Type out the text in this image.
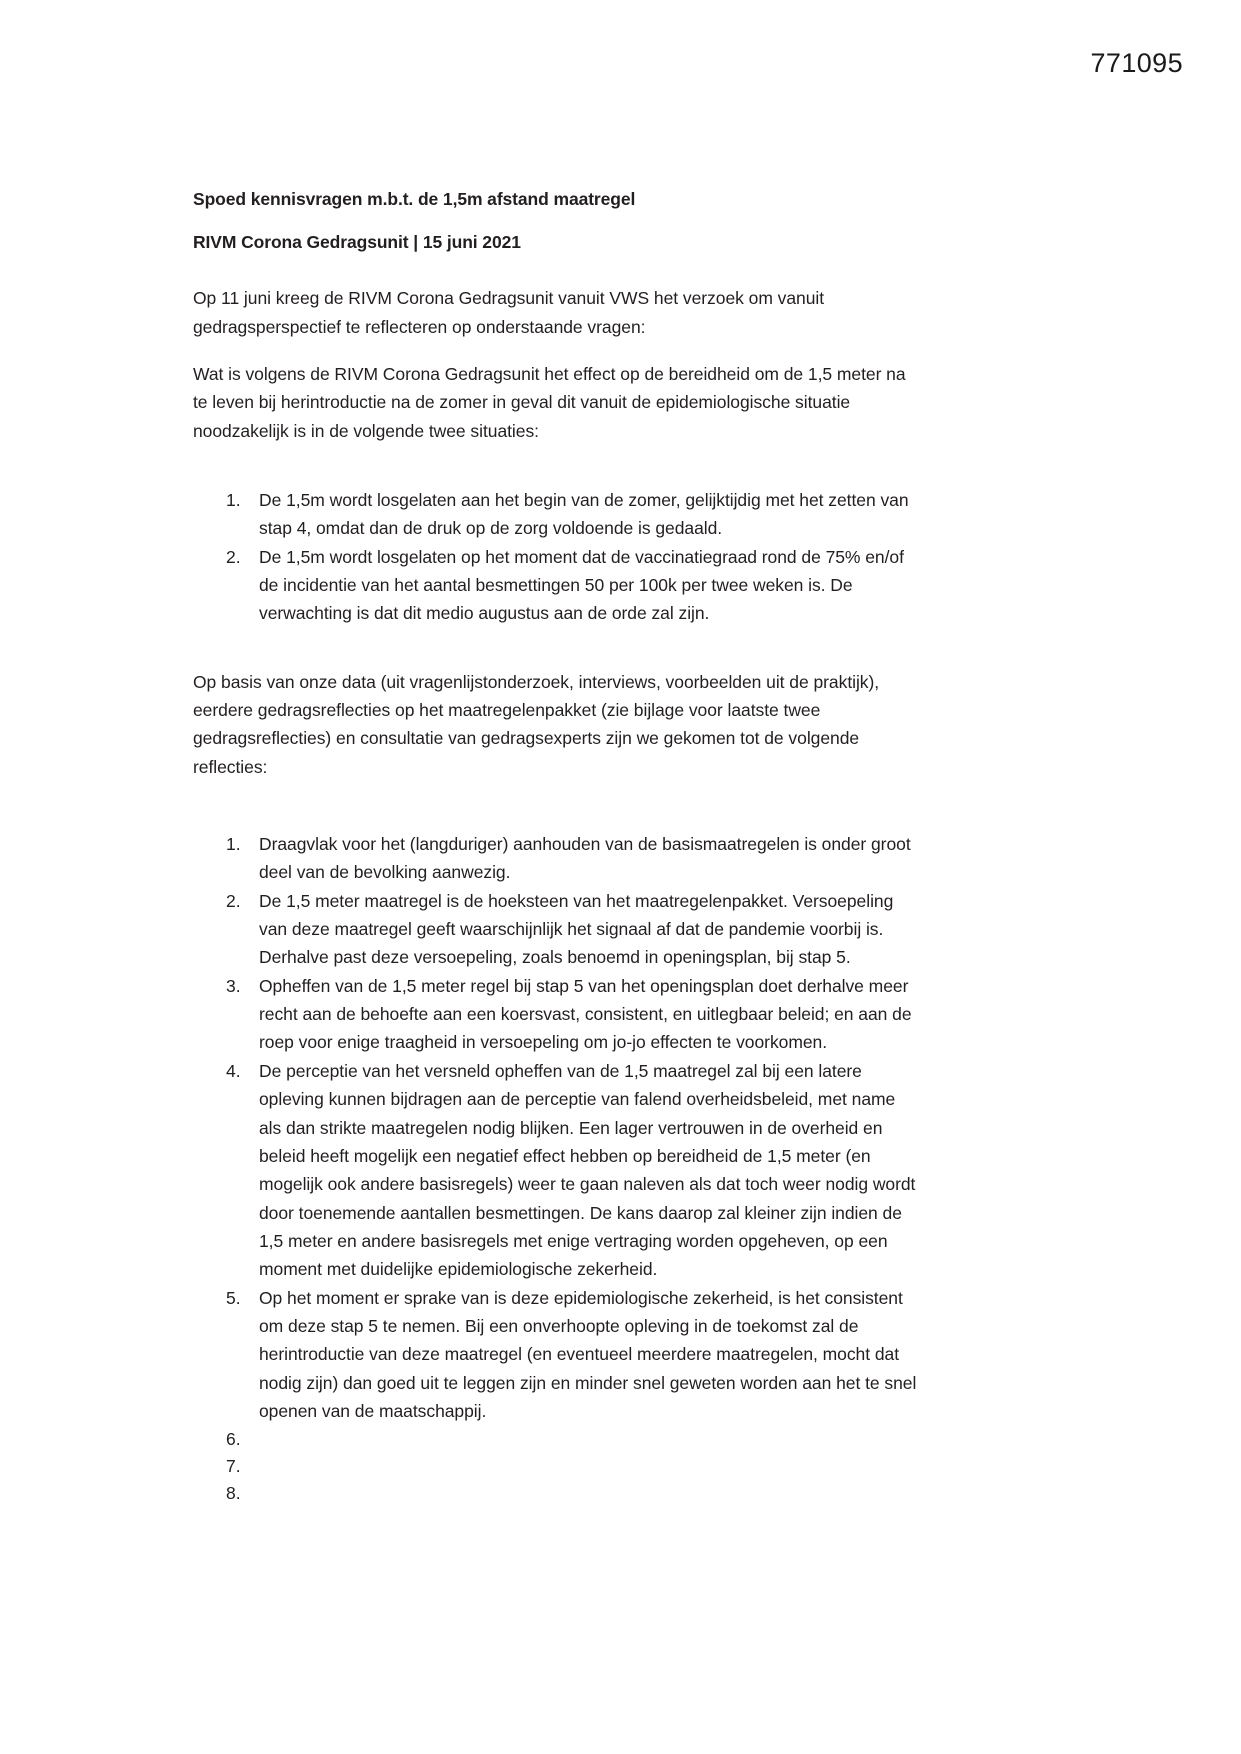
771095
Spoed kennisvragen m.b.t. de 1,5m afstand maatregel
RIVM Corona Gedragsunit | 15 juni 2021

Op 11 juni kreeg de RIVM Corona Gedragsunit vanuit VWS het verzoek om vanuit gedragsperspectief te reflecteren op onderstaande vragen:

Wat is volgens de RIVM Corona Gedragsunit het effect op de bereidheid om de 1,5 meter na te leven bij herintroductie na de zomer in geval dit vanuit de epidemiologische situatie noodzakelijk is in de volgende twee situaties:

De 1,5m wordt losgelaten aan het begin van de zomer, gelijktijdig met het zetten van stap 4, omdat dan de druk op de zorg voldoende is gedaald.
De 1,5m wordt losgelaten op het moment dat de vaccinatiegraad rond de 75% en/of de incidentie van het aantal besmettingen 50 per 100k per twee weken is. De verwachting is dat dit medio augustus aan de orde zal zijn.

Op basis van onze data (uit vragenlijstonderzoek, interviews, voorbeelden uit de praktijk), eerdere gedragsreflecties op het maatregelenpakket (zie bijlage voor laatste twee gedragsreflecties) en consultatie van gedragsexperts zijn we gekomen tot de volgende reflecties:

Draagvlak voor het (langduriger) aanhouden van de basismaatregelen is onder groot deel van de bevolking aanwezig.
De 1,5 meter maatregel is de hoeksteen van het maatregelenpakket. Versoepeling van deze maatregel geeft waarschijnlijk het signaal af dat de pandemie voorbij is. Derhalve past deze versoepeling, zoals benoemd in openingsplan, bij stap 5.
Opheffen van de 1,5 meter regel bij stap 5 van het openingsplan doet derhalve meer recht aan de behoefte aan een koersvast, consistent, en uitlegbaar beleid; en aan de roep voor enige traagheid in versoepeling om jo-jo effecten te voorkomen.
De perceptie van het versneld opheffen van de 1,5 maatregel zal bij een latere opleving kunnen bijdragen aan de perceptie van falend overheidsbeleid, met name als dan strikte maatregelen nodig blijken. Een lager vertrouwen in de overheid en beleid heeft mogelijk een negatief effect hebben op bereidheid de 1,5 meter (en mogelijk ook andere basisregels) weer te gaan naleven als dat toch weer nodig wordt door toenemende aantallen besmettingen. De kans daarop zal kleiner zijn indien de 1,5 meter en andere basisregels met enige vertraging worden opgeheven, op een moment met duidelijke epidemiologische zekerheid.
Op het moment er sprake van is deze epidemiologische zekerheid, is het consistent om deze stap 5 te nemen. Bij een onverhoopte opleving in de toekomst zal de herintroductie van deze maatregel (en eventueel meerdere maatregelen, mocht dat nodig zijn) dan goed uit te leggen zijn en minder snel geweten worden aan het te snel openen van de maatschappij.
